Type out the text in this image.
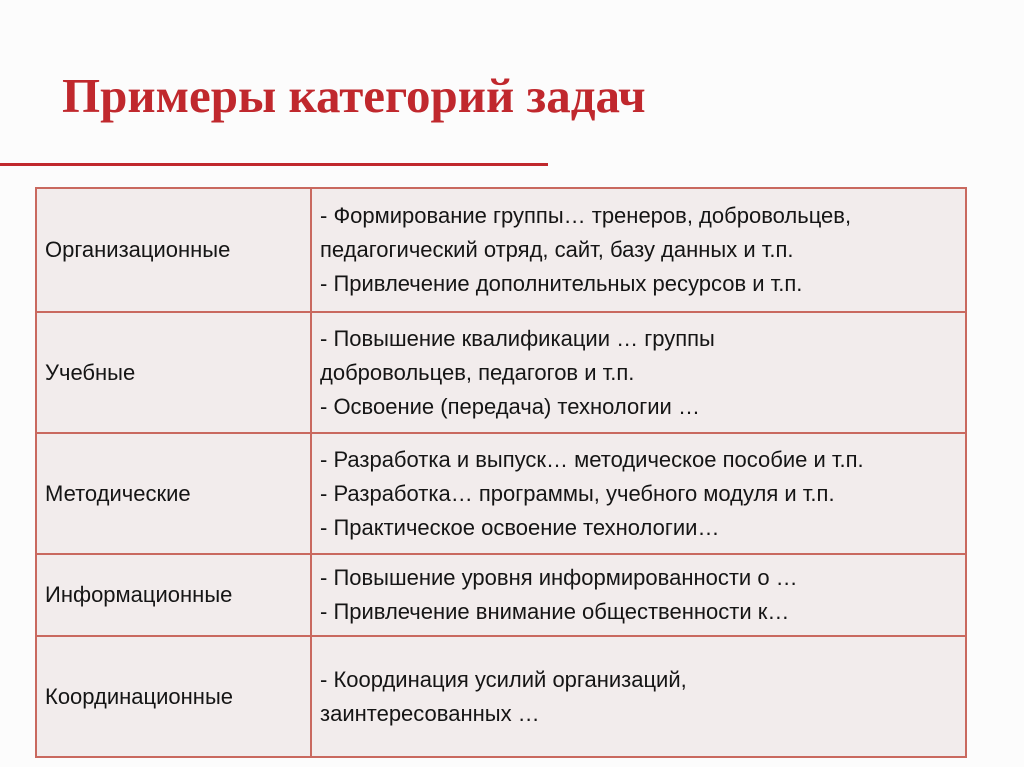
Примеры категорий задач
Организационные	- Формирование группы… тренеров, добровольцев,
педагогический отряд, сайт, базу данных и т.п.
- Привлечение дополнительных ресурсов и т.п.

Учебные	- Повышение квалификации … группы
добровольцев, педагогов и т.п.
- Освоение (передача) технологии …

Методические	- Разработка и выпуск… методическое пособие и т.п.
- Разработка… программы, учебного модуля и т.п.
- Практическое освоение технологии…

Информационные	- Повышение уровня информированности о …
- Привлечение внимание общественности к…

Координационные	- Координация усилий организаций,
заинтересованных …
